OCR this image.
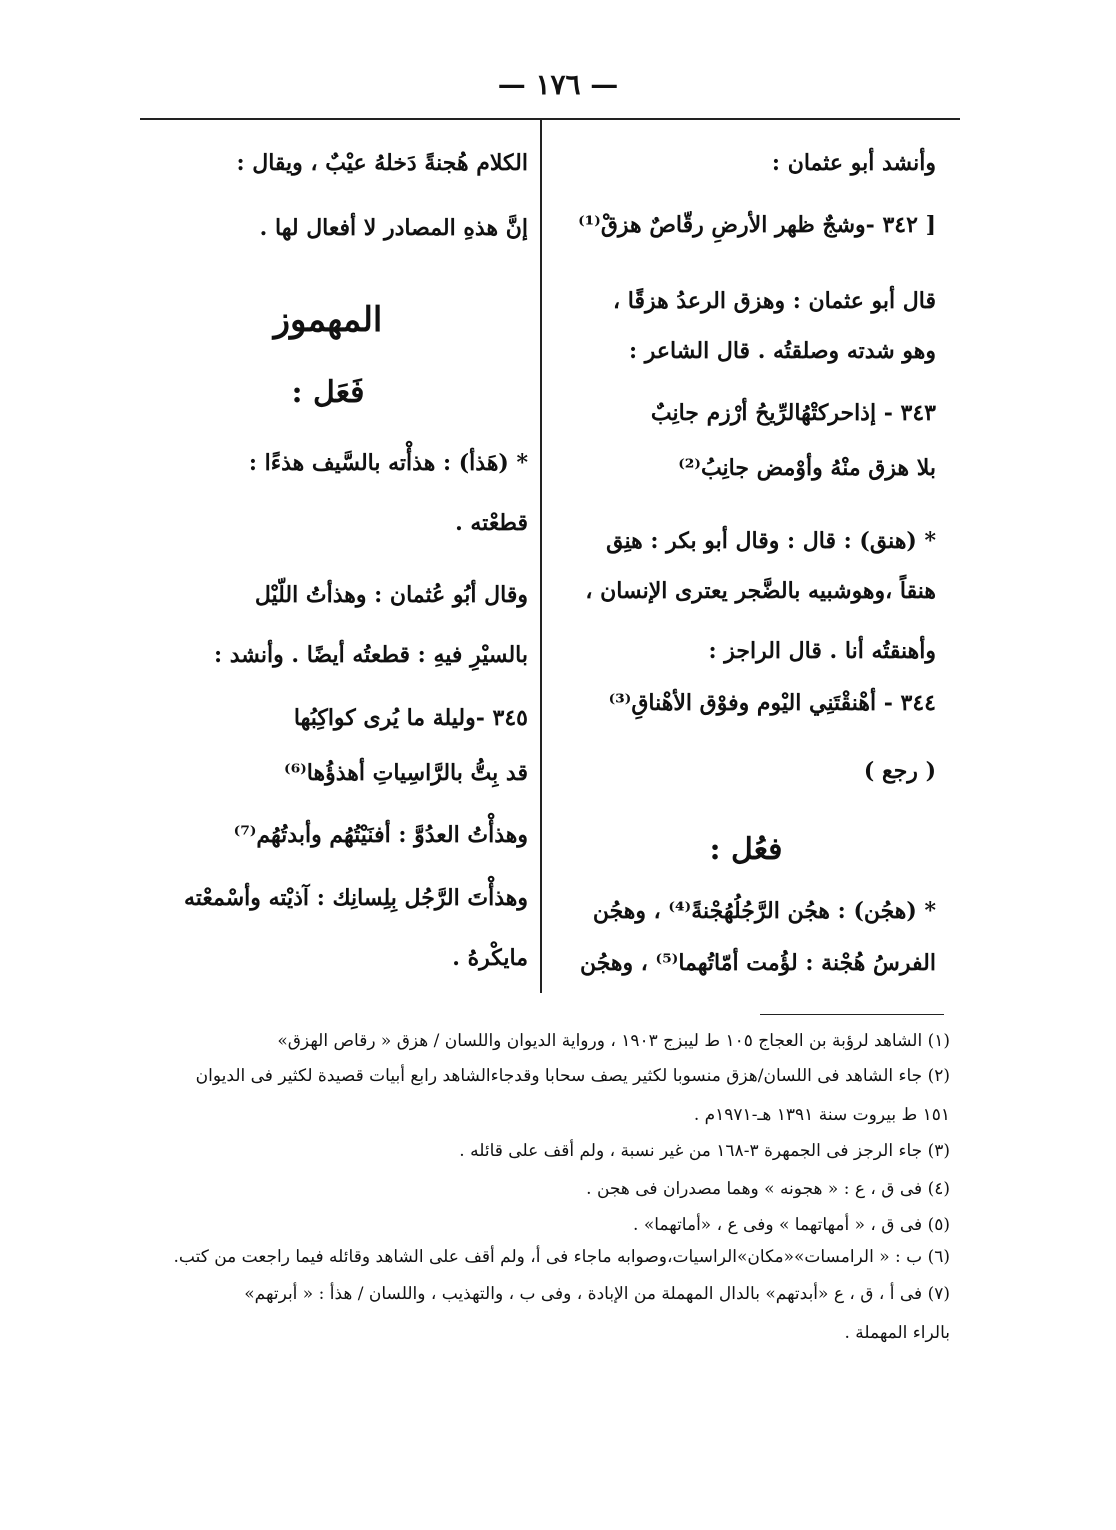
— ١٧٦ —
وأنشد أبو عثمان :
[ ٣٤٢ -وشجٌ ظهر الأرضِ رقّاصٌ هزقْ⁽¹⁾
قال أبو عثمان : وهزق الرعدُ هزقًا ،
وهو شدته وصلقتُه . قال الشاعر :
٣٤٣ - إذاحركتْهُالرِّيحُ أرْزم جانِبٌ
بلا هزق منْهُ وأوْمض جانِبُ⁽²⁾
* (هنق) : قال : وقال أبو بكر : هنِق
هنقاً ،وهوشبيه بالضَّجر يعترى الإنسان ،
وأهنقتُه أنا . قال الراجز :
٣٤٤ - أهْنقْتَنِي اليْوم وفوْق الأهْناقِ⁽³⁾
( رجع )
فعُل :
* (هجُن) : هجُن الرَّجُلُهُجْنةً⁽⁴⁾ ، وهجُن
الفرسُ هُجْنة : لؤُمت أمّاتُهما⁽⁵⁾ ، وهجُن
الكلام هُجنةً دَخلهُ عيْبٌ ، ويقال :
إنَّ هذهِ المصادر لا أفعال لها .
المهموز
فَعَل :
* (هَذأ) : هذأْته بالسَّيف هذءًا :
قطعْته .
وقال أبُو عُثمان : وهذأتُ اللّيْل
بالسيْرِ فيهِ : قطعتُه أيضًا . وأنشد :
٣٤٥ -وليلة ما يُرى كواكِبُها
قد بِتُّ بالرَّاسِياتِ أهذؤُها⁽⁶⁾
وهذأْتُ العدُوَّ : أفنَيْتُهُم وأبدتُهُم⁽⁷⁾
وهذأْتَ الرَّجُل بِلِسانِك : آذيْته وأسْمعْته
مايكْرهُ .
(١) الشاهد لرؤبة بن العجاج ١٠٥ ط ليبزج ١٩٠٣ ، ورواية الديوان واللسان / هزق « رقاص الهزق»
(٢) جاء الشاهد فى اللسان/هزق منسوبا لكثير يصف سحابا وقدجاءالشاهد رابع أبيات قصيدة لكثير فى الديوان
١٥١ ط بيروت سنة ١٣٩١ هـ-١٩٧١م .
(٣) جاء الرجز فى الجمهرة ٣-١٦٨ من غير نسبة ، ولم أقف على قائله .
(٤) فى ق ، ع : « هجونه » وهما مصدران فى هجن .
(٥) فى ق ، « أمهاتهما » وفى ع ، «أماتهما» .
(٦) ب : « الرامسات»«مكان»الراسيات،وصوابه ماجاء فى أ، ولم أقف على الشاهد وقائله فيما راجعت من كتب.
(٧) فى أ ، ق ، ع «أبدتهم» بالدال المهملة من الإبادة ، وفى ب ، والتهذيب ، واللسان / هذأ : « أبرتهم»
بالراء المهملة .
